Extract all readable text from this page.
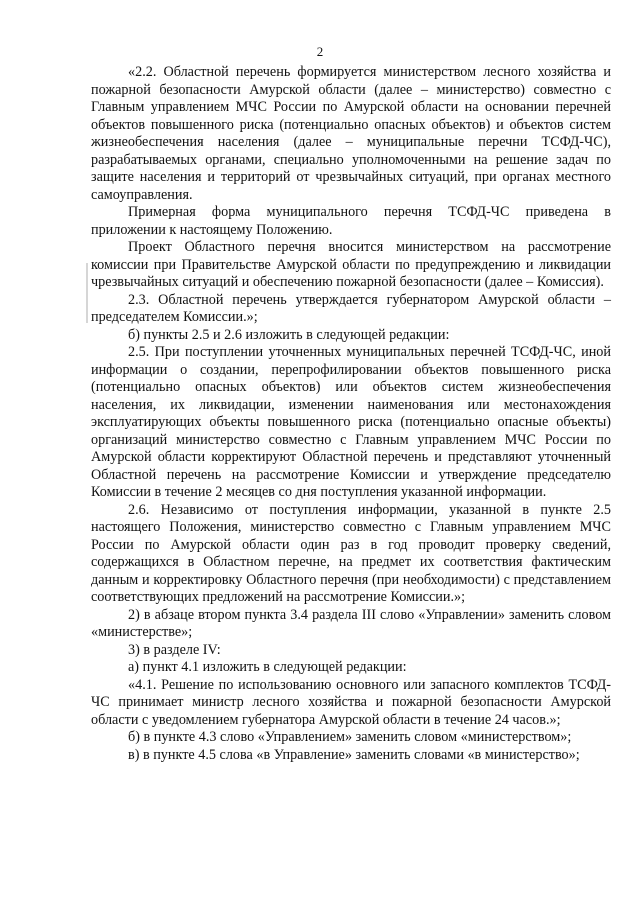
2

«2.2. Областной перечень формируется министерством лесного хозяйства и пожарной безопасности Амурской области (далее – министерство) совместно с Главным управлением МЧС России по Амурской области на основании перечней объектов повышенного риска (потенциально опасных объектов) и объектов систем жизнеобеспечения населения (далее – муниципальные перечни ТСФД-ЧС), разрабатываемых органами, специально уполномоченными на решение задач по защите населения и территорий от чрезвычайных ситуаций, при органах местного самоуправления.

Примерная форма муниципального перечня ТСФД-ЧС приведена в приложении к настоящему Положению.

Проект Областного перечня вносится министерством на рассмотрение комиссии при Правительстве Амурской области по предупреждению и ликвидации чрезвычайных ситуаций и обеспечению пожарной безопасности (далее – Комиссия).

2.3. Областной перечень утверждается губернатором Амурской области – председателем Комиссии.»;

б) пункты 2.5 и 2.6 изложить в следующей редакции:

2.5. При поступлении уточненных муниципальных перечней ТСФД-ЧС, иной информации о создании, перепрофилировании объектов повышенного риска (потенциально опасных объектов) или объектов систем жизнеобеспечения населения, их ликвидации, изменении наименования или местонахождения эксплуатирующих объекты повышенного риска (потенциально опасные объекты) организаций министерство совместно с Главным управлением МЧС России по Амурской области корректируют Областной перечень и представляют уточненный Областной перечень на рассмотрение Комиссии и утверждение председателю Комиссии в течение 2 месяцев со дня поступления указанной информации.

2.6. Независимо от поступления информации, указанной в пункте 2.5 настоящего Положения, министерство совместно с Главным управлением МЧС России по Амурской области один раз в год проводит проверку сведений, содержащихся в Областном перечне, на предмет их соответствия фактическим данным и корректировку Областного перечня (при необходимости) с представлением соответствующих предложений на рассмотрение Комиссии.»;

2) в абзаце втором пункта 3.4 раздела III слово «Управлении» заменить словом «министерстве»;

3) в разделе IV:

а) пункт 4.1 изложить в следующей редакции:

«4.1. Решение по использованию основного или запасного комплектов ТСФД-ЧС принимает министр лесного хозяйства и пожарной безопасности Амурской области с уведомлением губернатора Амурской области в течение 24 часов.»;

б) в пункте 4.3 слово «Управлением» заменить словом «министерством»;

в) в пункте 4.5 слова «в Управление» заменить словами «в министерство»;
